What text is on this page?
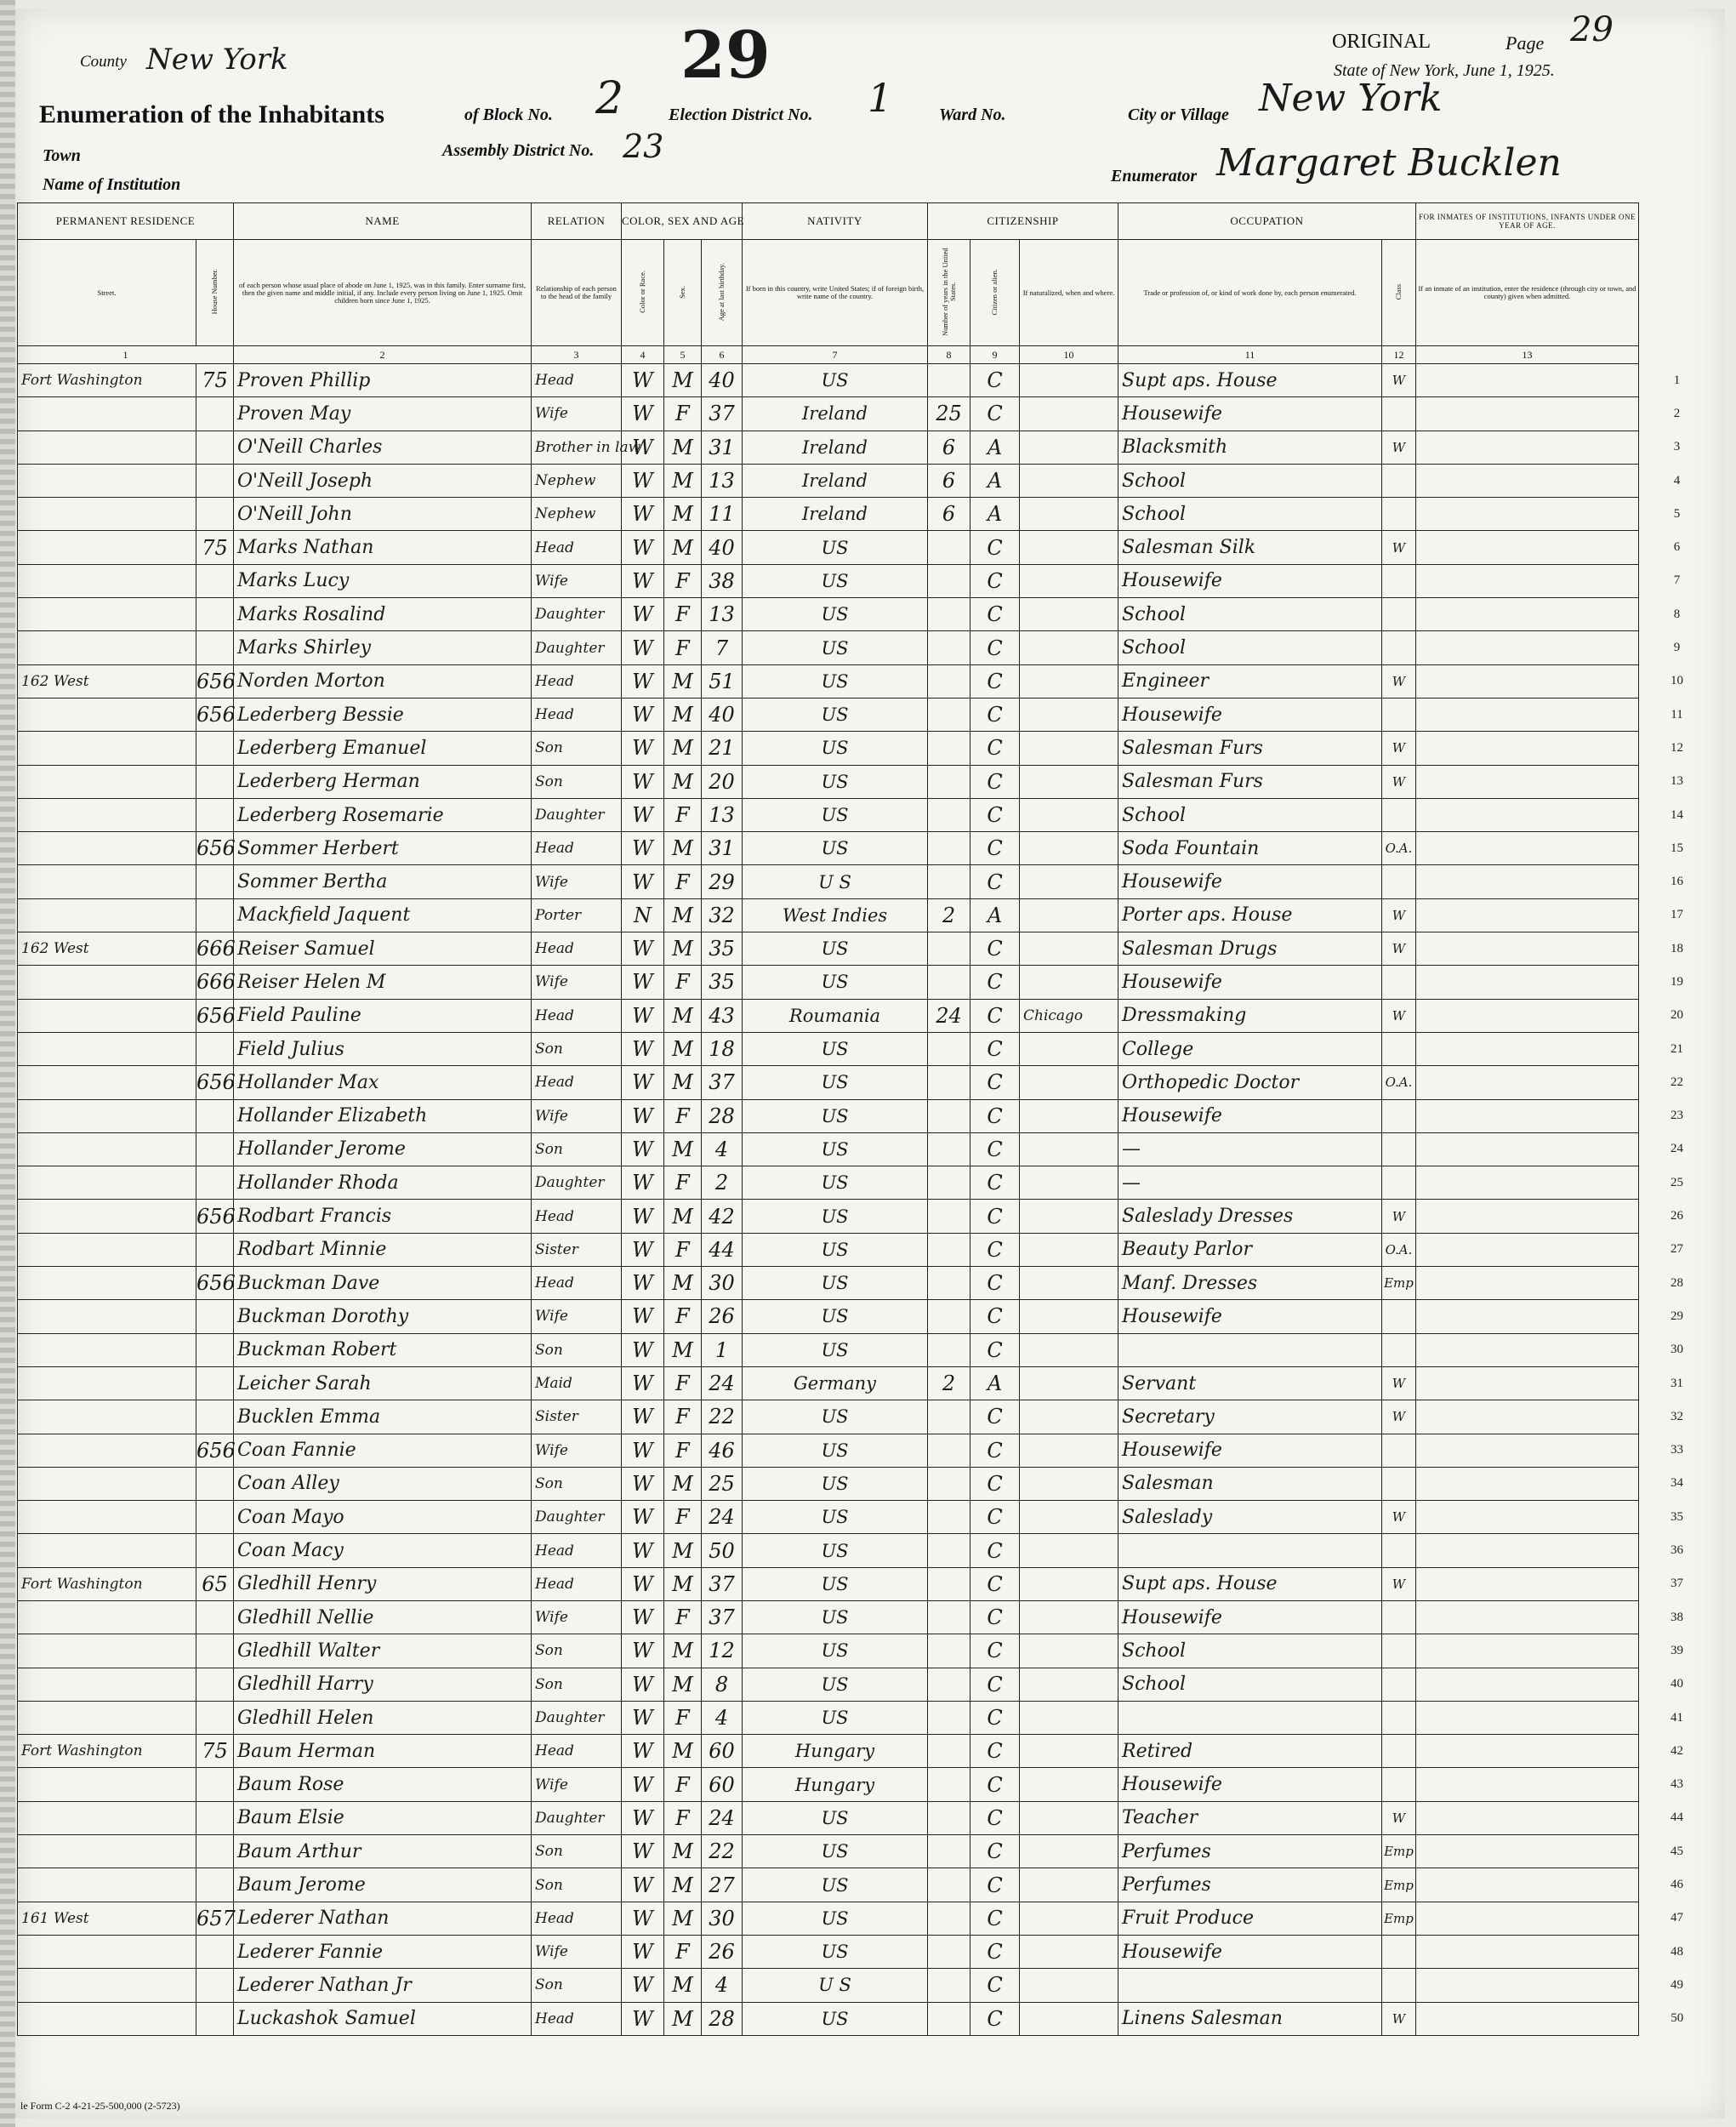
County New York	29	ORIGINAL	Page 29
State of New York, June 1, 1925.
Enumeration of the Inhabitants	of Block No. 2	Election District No. 1	Ward No.	City or Village New York
Town	Assembly District No. 23
Name of Institution	Enumerator Margaret Bucklen
PERMANENT RESIDENCE		NAME	RELATION	COLOR, SEX AND AGE			NATIVITY	CITIZENSHIP			OCCUPATION		FOR INMATES OF INSTITUTIONS, INFANTS UNDER ONE YEAR OF AGE.	
Street.	House Number.	of each person whose usual place of abode on June 1, 1925, was in this family. Enter surname first, then the given name and middle initial, if any. Include every person living on June 1, 1925. Omit children born since June 1, 1925.	Relationship of each person to the head of the family	Color or Race.	Sex.	Age at last birthday.	If born in this country, write United States; if of foreign birth, write name of the country.	Number of years in the United States.	Citizen or alien.	If naturalized, when and where.	Trade or profession of, or kind of work done by, each person enumerated.	Class	If an inmate of an institution, enter the residence (through city or town, and county) given when admitted.	
1		2	3	4	5	6	7	8	9	10	11	12	13	
Fort Washington	75	Proven Phillip	Head	W	M	40	US		C		Supt aps. House	W		1
		Proven May	Wife	W	F	37	Ireland	25	C		Housewife			2
		O'Neill Charles	Brother in law	W	M	31	Ireland	6	A		Blacksmith	W		3
		O'Neill Joseph	Nephew	W	M	13	Ireland	6	A		School			4
		O'Neill John	Nephew	W	M	11	Ireland	6	A		School			5
	75	Marks Nathan	Head	W	M	40	US		C		Salesman Silk	W		6
		Marks Lucy	Wife	W	F	38	US		C		Housewife			7
		Marks Rosalind	Daughter	W	F	13	US		C		School			8
		Marks Shirley	Daughter	W	F	7	US		C		School			9
162 West	656	Norden Morton	Head	W	M	51	US		C		Engineer	W		10
	656	Lederberg Bessie	Head	W	M	40	US		C		Housewife			11
		Lederberg Emanuel	Son	W	M	21	US		C		Salesman Furs	W		12
		Lederberg Herman	Son	W	M	20	US		C		Salesman Furs	W		13
		Lederberg Rosemarie	Daughter	W	F	13	US		C		School			14
	656	Sommer Herbert	Head	W	M	31	US		C		Soda Fountain	O.A.		15
		Sommer Bertha	Wife	W	F	29	U S		C		Housewife			16
		Mackfield Jaquent	Porter	N	M	32	West Indies	2	A		Porter aps. House	W		17
162 West	666	Reiser Samuel	Head	W	M	35	US		C		Salesman Drugs	W		18
	666	Reiser Helen M	Wife	W	F	35	US		C		Housewife			19
	656	Field Pauline	Head	W	M	43	Roumania	24	C	Chicago	Dressmaking	W		20
		Field Julius	Son	W	M	18	US		C		College			21
	656	Hollander Max	Head	W	M	37	US		C		Orthopedic Doctor	O.A.		22
		Hollander Elizabeth	Wife	W	F	28	US		C		Housewife			23
		Hollander Jerome	Son	W	M	4	US		C		—			24
		Hollander Rhoda	Daughter	W	F	2	US		C		—			25
	656	Rodbart Francis	Head	W	M	42	US		C		Saleslady Dresses	W		26
		Rodbart Minnie	Sister	W	F	44	US		C		Beauty Parlor	O.A.		27
	656	Buckman Dave	Head	W	M	30	US		C		Manf. Dresses	Emp		28
		Buckman Dorothy	Wife	W	F	26	US		C		Housewife			29
		Buckman Robert	Son	W	M	1	US		C					30
		Leicher Sarah	Maid	W	F	24	Germany	2	A		Servant	W		31
		Bucklen Emma	Sister	W	F	22	US		C		Secretary	W		32
	656	Coan Fannie	Wife	W	F	46	US		C		Housewife			33
		Coan Alley	Son	W	M	25	US		C		Salesman			34
		Coan Mayo	Daughter	W	F	24	US		C		Saleslady	W		35
		Coan Macy	Head	W	M	50	US		C					36
Fort Washington	65	Gledhill Henry	Head	W	M	37	US		C		Supt aps. House	W		37
		Gledhill Nellie	Wife	W	F	37	US		C		Housewife			38
		Gledhill Walter	Son	W	M	12	US		C		School			39
		Gledhill Harry	Son	W	M	8	US		C		School			40
		Gledhill Helen	Daughter	W	F	4	US		C					41
Fort Washington	75	Baum Herman	Head	W	M	60	Hungary		C		Retired			42
		Baum Rose	Wife	W	F	60	Hungary		C		Housewife			43
		Baum Elsie	Daughter	W	F	24	US		C		Teacher	W		44
		Baum Arthur	Son	W	M	22	US		C		Perfumes	Emp		45
		Baum Jerome	Son	W	M	27	US		C		Perfumes	Emp		46
161 West	657	Lederer Nathan	Head	W	M	30	US		C		Fruit Produce	Emp		47
		Lederer Fannie	Wife	W	F	26	US		C		Housewife			48
		Lederer Nathan Jr	Son	W	M	4	U S		C					49
		Luckashok Samuel	Head	W	M	28	US		C		Linens Salesman	W		50
le Form C-2 4-21-25-500,000 (2-5723)
